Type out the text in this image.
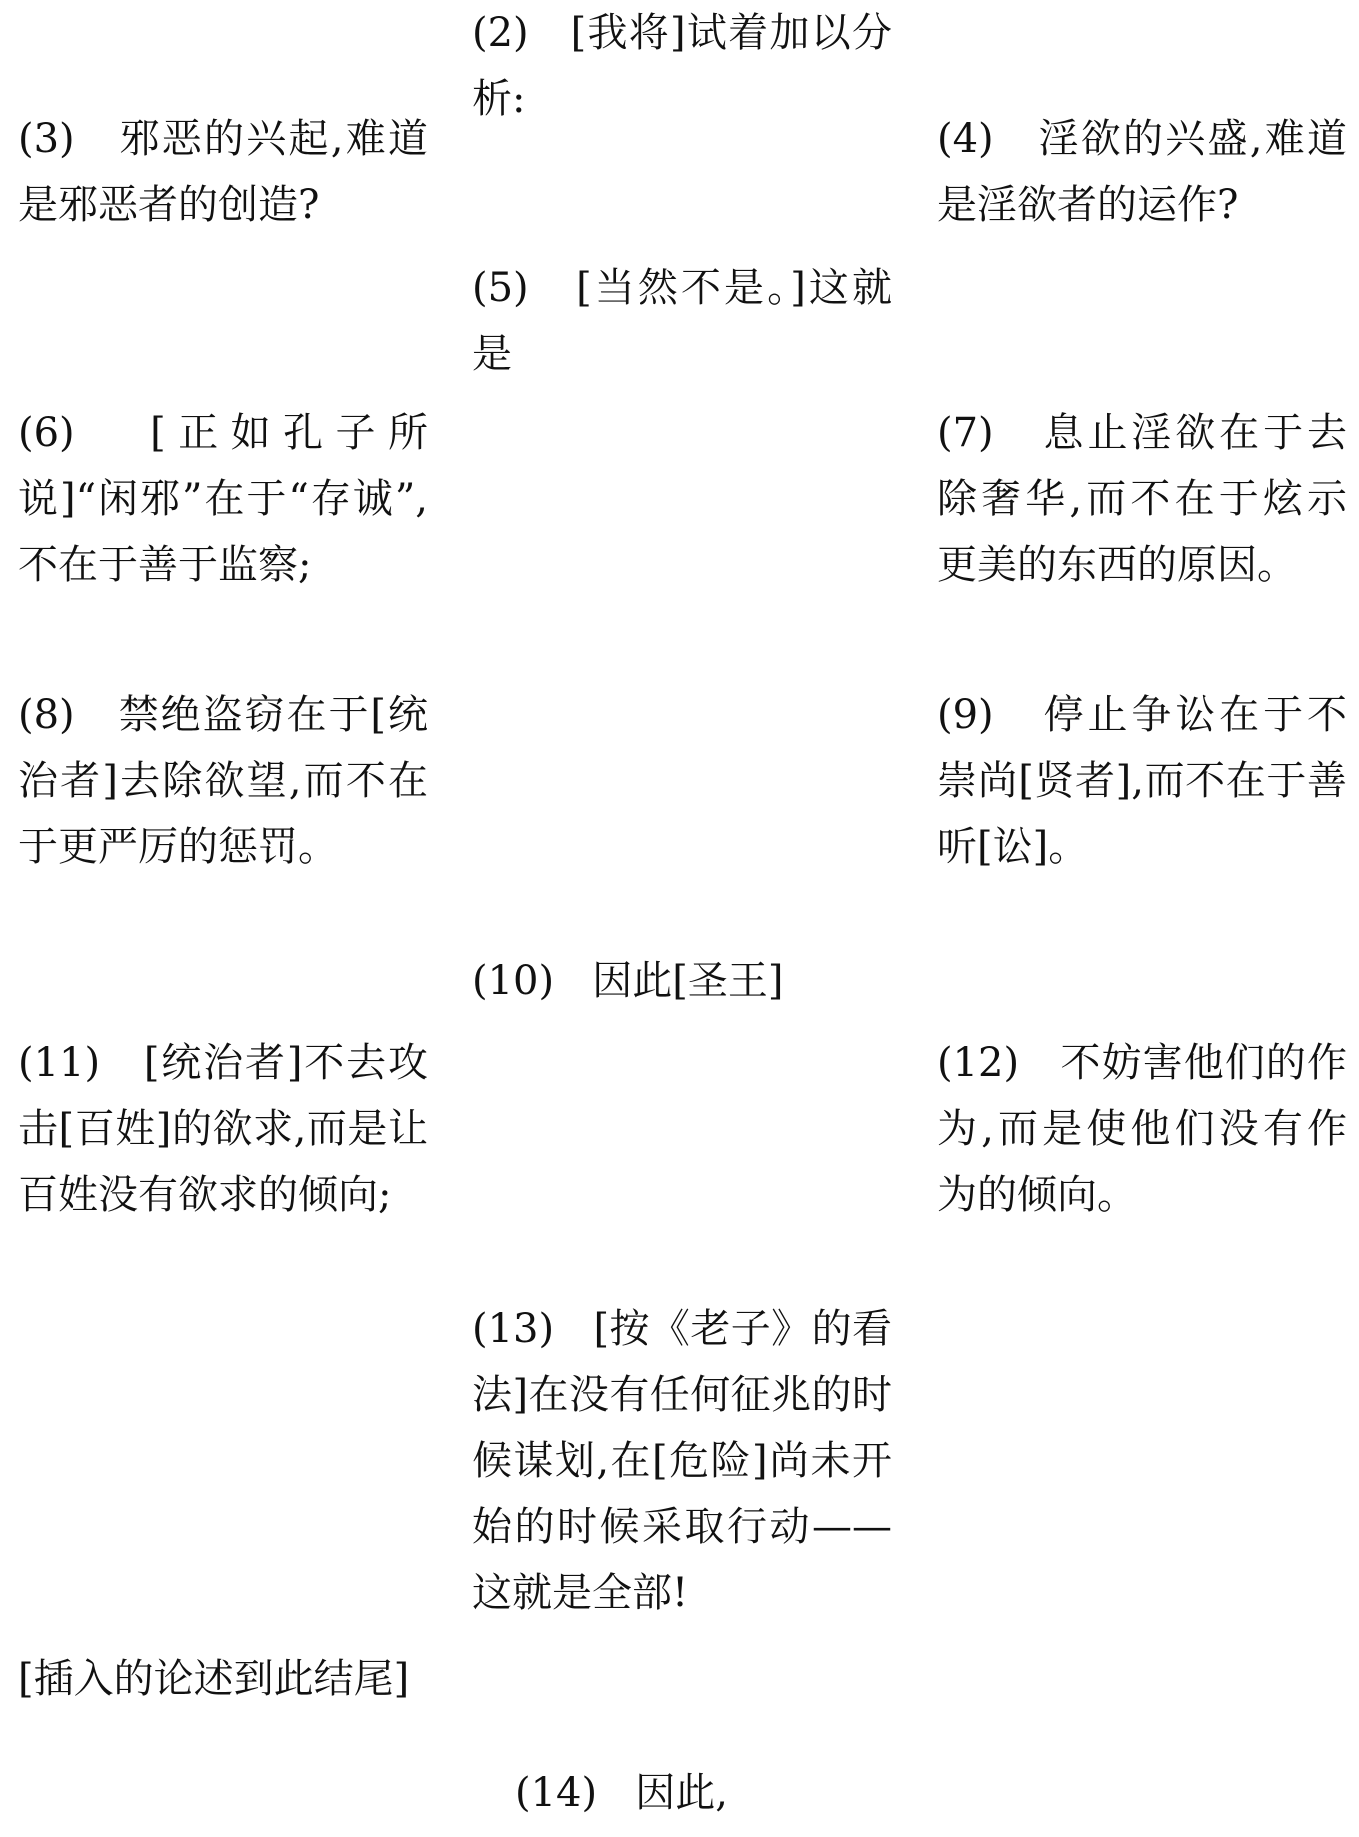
(2) [我将]试着加以分析:
(3) 邪恶的兴起,难道是邪恶者的创造?
(4) 淫欲的兴盛,难道是淫欲者的运作?
(5) [当然不是。]这就是
(6) [正如孔子所说]“闲邪”在于“存诚”,不在于善于监察;
(7) 息止淫欲在于去除奢华,而不在于炫示更美的东西的原因。
(8) 禁绝盗窃在于[统治者]去除欲望,而不在于更严厉的惩罚。
(9) 停止争讼在于不崇尚[贤者],而不在于善听[讼]。
(10) 因此[圣王]
(11) [统治者]不去攻击[百姓]的欲求,而是让百姓没有欲求的倾向;
(12) 不妨害他们的作为,而是使他们没有作为的倾向。
(13) [按《老子》的看法]在没有任何征兆的时候谋划,在[危险]尚未开始的时候采取行动——这就是全部!
[插入的论述到此结尾]
(14) 因此,
